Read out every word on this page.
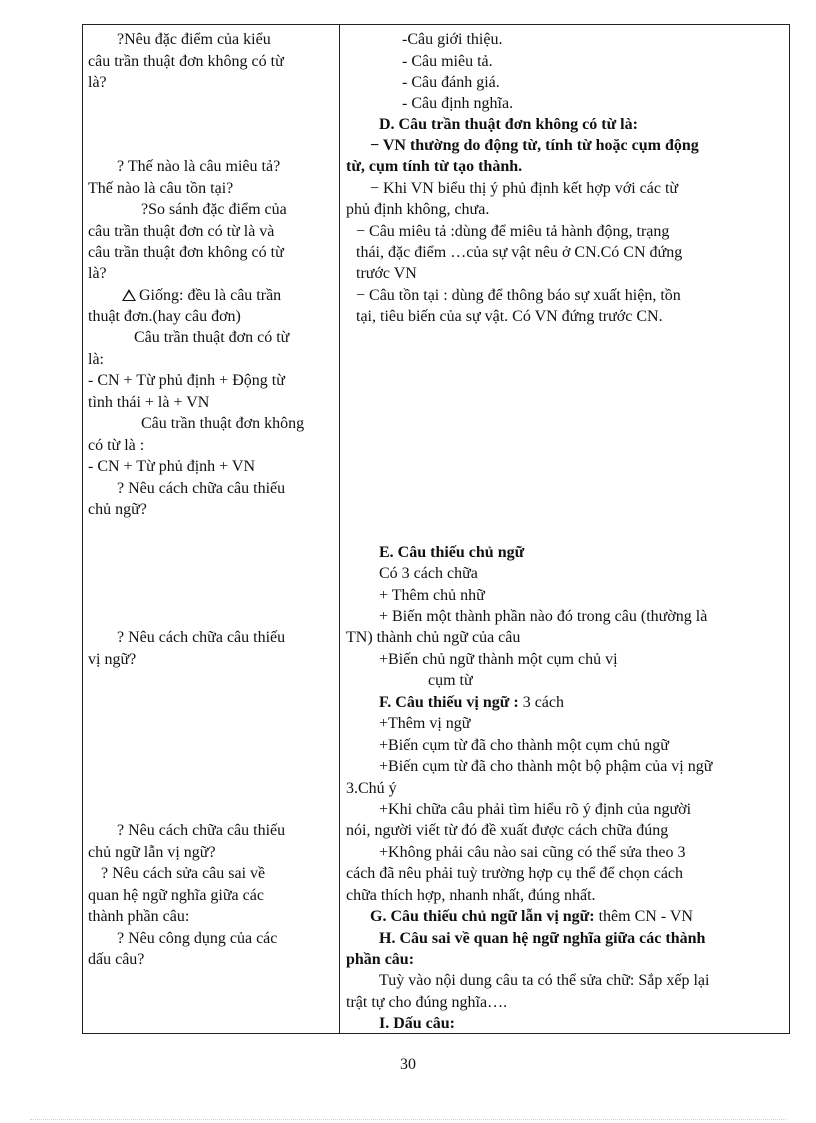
?Nêu đặc điểm của kiểu
câu trần thuật đơn không có từ
là?
? Thế nào là câu miêu tả?
Thế nào là câu tồn tại?
?So sánh đặc điểm của
câu trần thuật đơn có từ là và
câu trần thuật đơn không có từ
là?
Giống: đều là câu trần
thuật đơn.(hay câu đơn)
Câu trần thuật đơn có từ
là:
- CN + Từ phủ định + Động từ
tình thái + là + VN
Câu trần thuật đơn không
có từ là :
- CN + Từ phủ định + VN
? Nêu cách chữa câu thiếu
chủ ngữ?
? Nêu cách chữa câu thiếu
vị ngữ?
? Nêu cách chữa câu thiếu
chủ ngữ lẫn vị ngữ?
? Nêu cách sửa câu sai về
quan hệ ngữ nghĩa giữa các
thành phần câu:
? Nêu công dụng của các
dấu câu?
-Câu giới thiệu.
- Câu miêu tả.
- Câu đánh giá.
- Câu định nghĩa.
D. Câu trần thuật đơn không có từ là:
− VN thường do động từ, tính từ hoặc cụm động
từ, cụm tính từ tạo thành.
− Khi VN biểu thị ý phủ định kết hợp với các từ
phủ định không, chưa.
− Câu miêu tả :dùng để miêu tả hành động, trạng
thái, đặc điểm …của sự vật nêu ở CN.Có CN đứng
trước VN
− Câu tồn tại : dùng để thông báo sự xuất hiện, tồn
tại, tiêu biến của sự vật. Có VN đứng trước CN.
E. Câu thiếu chủ ngữ
Có 3 cách chữa
+ Thêm chủ nhữ
+ Biến một thành phần nào đó trong câu (thường là
TN) thành chủ ngữ của câu
+Biến chủ ngữ thành một cụm chủ vị
cụm từ
F. Câu thiếu vị ngữ : 3 cách
+Thêm vị ngữ
+Biến cụm từ đã cho thành một cụm chủ ngữ
+Biến cụm từ đã cho thành một bộ phậm của vị ngữ
3.Chú ý
+Khi chữa câu phải tìm hiểu rõ ý định của người
nói, người viết từ đó đề xuất được cách chữa đúng
+Không phải câu nào sai cũng có thể sửa theo 3
cách đã nêu phải tuỳ trường hợp cụ thể để chọn cách
chữa thích hợp, nhanh nhất, đúng nhất.
G. Câu thiếu chủ ngữ lẫn vị ngữ: thêm CN - VN
H. Câu sai về quan hệ ngữ nghĩa giữa các thành
phần câu:
Tuỳ vào nội dung câu ta có thể sửa chữ: Sắp xếp lại
trật tự cho đúng nghĩa….
I. Dấu câu:
30
